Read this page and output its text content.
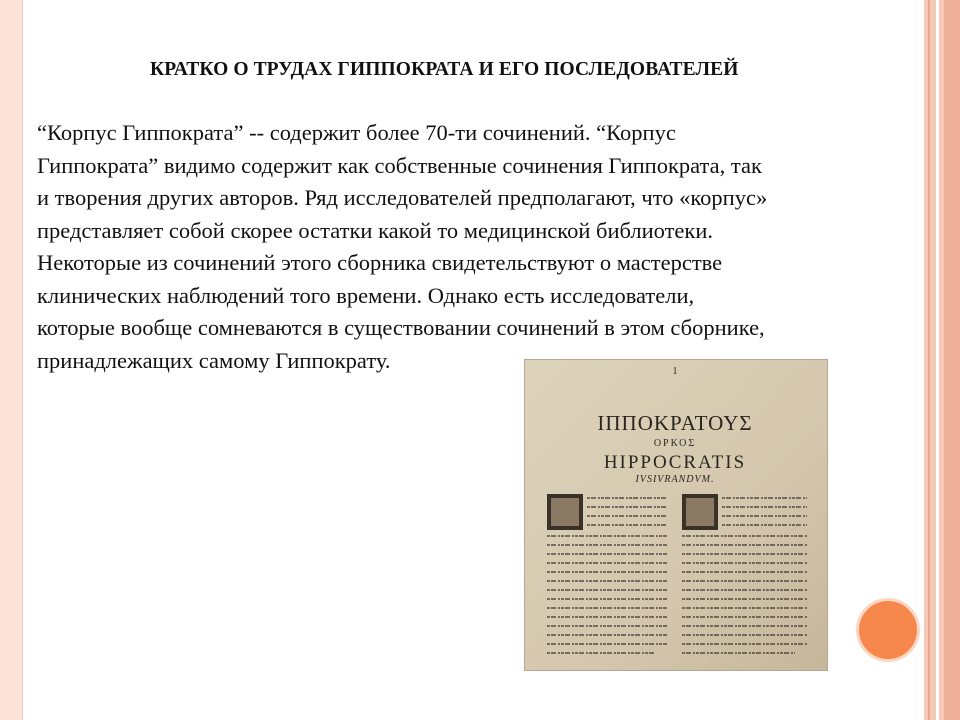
КРАТКО О ТРУДАХ ГИППОКРАТА И ЕГО ПОСЛЕДОВАТЕЛЕЙ
“Корпус Гиппократа” -- содержит более 70-ти сочинений. “Корпус
Гиппократа” видимо содержит как собственные сочинения Гиппократа, так
и творения других авторов. Ряд исследователей предполагают, что «корпус»
представляет собой скорее остатки какой то медицинской библиотеки.
Некоторые из сочинений этого сборника свидетельствуют о мастерстве
клинических наблюдений того времени. Однако есть исследователи,
которые вообще сомневаются в существовании сочинений в этом сборнике,
принадлежащих самому Гиппократу.	1
ΙΠΠΟΚΡΑΤΟΥΣ
ΟΡΚΟΣ
HIPPOCRATIS
IVSIVRANDVM.
